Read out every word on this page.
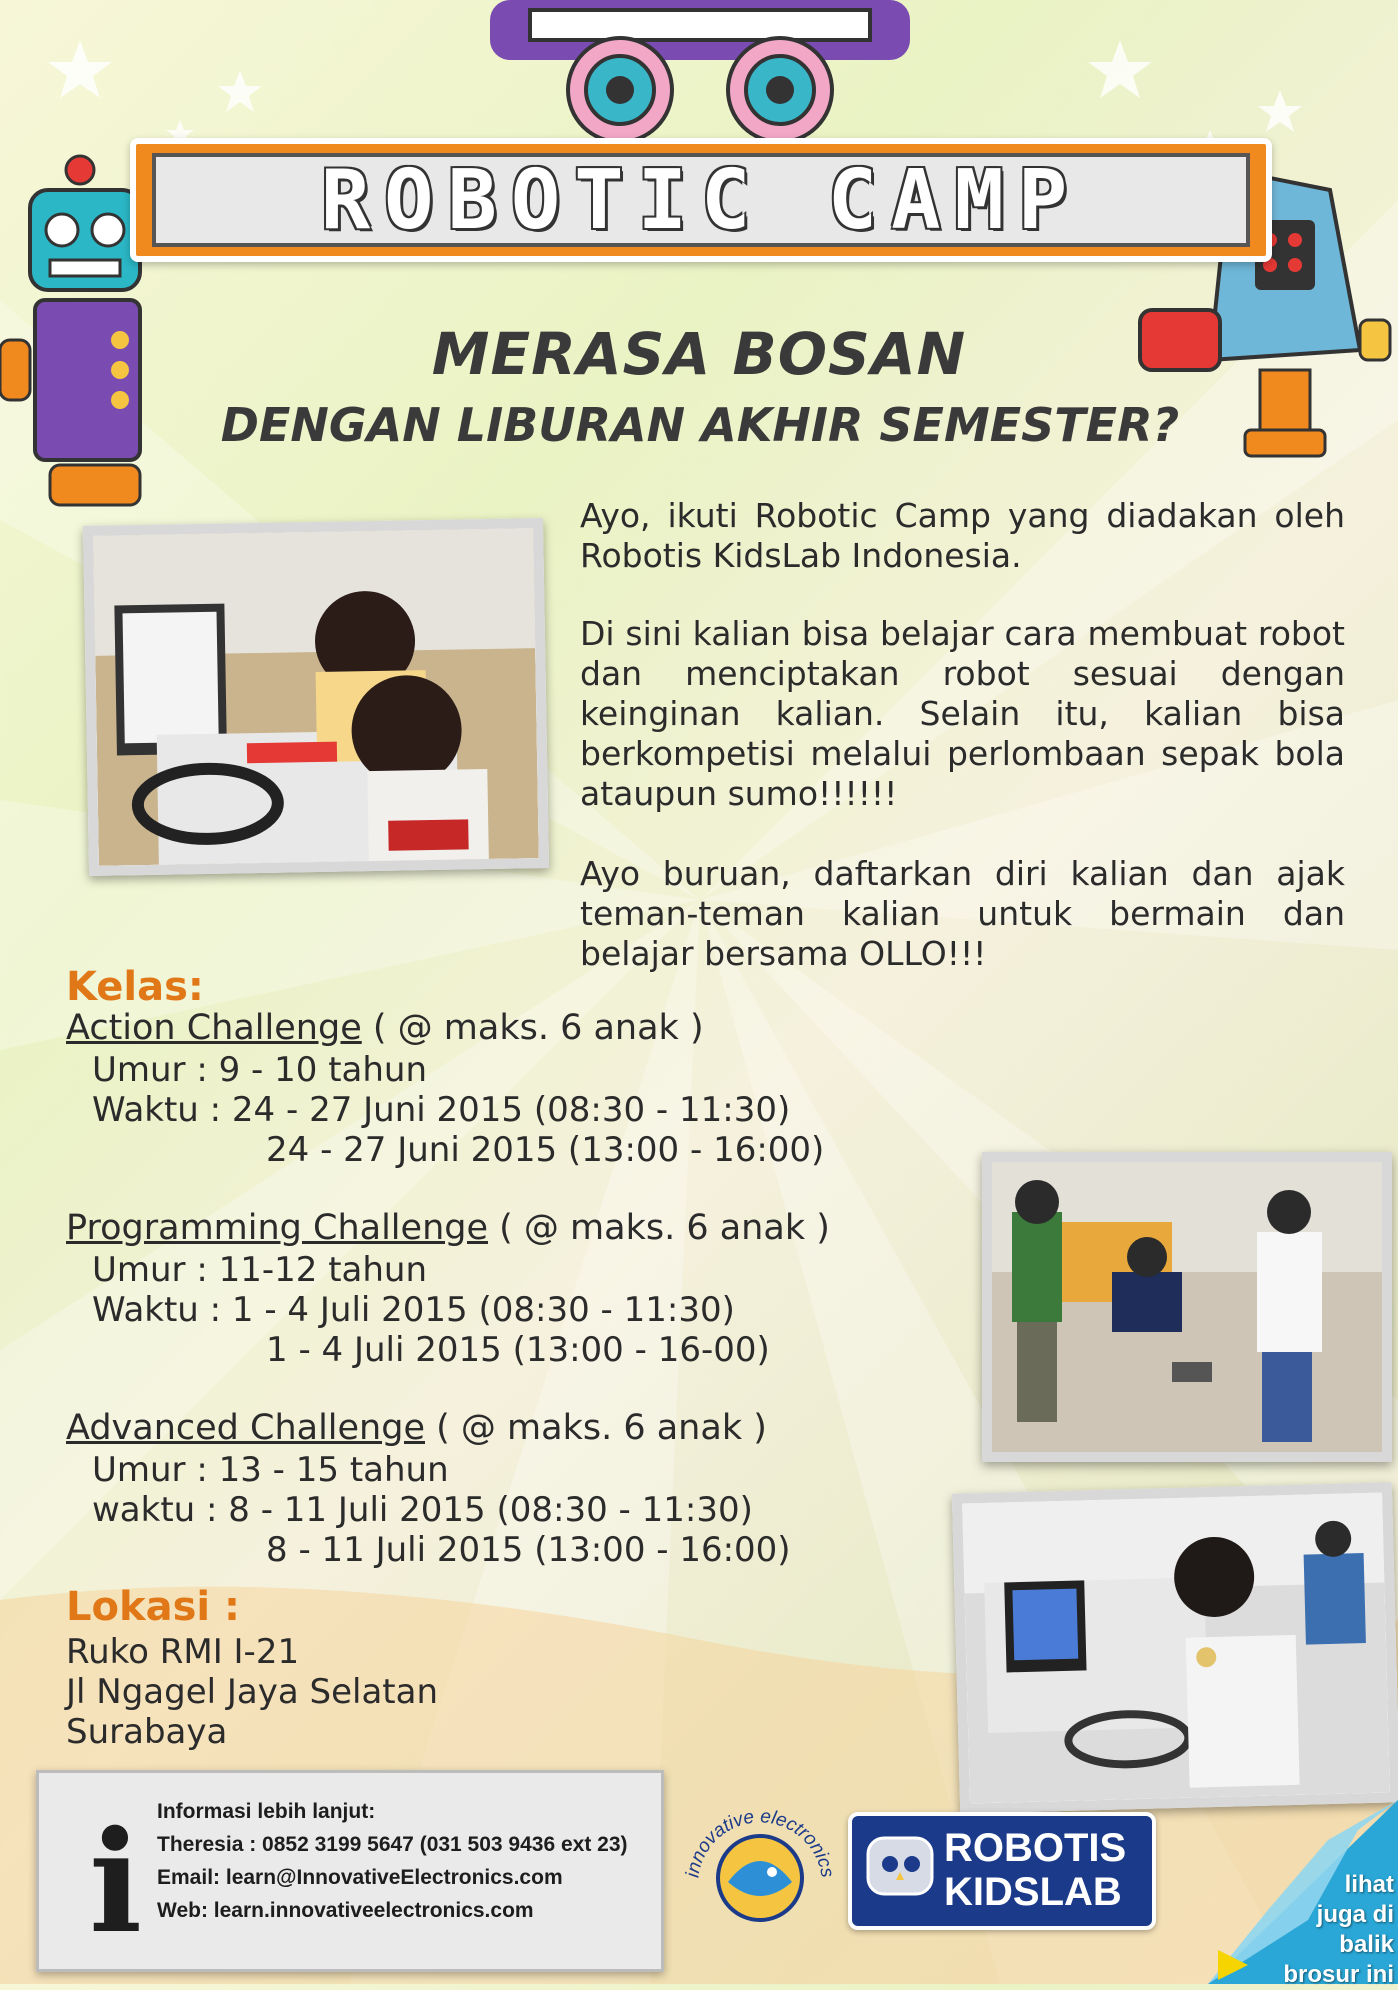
ROBOTIC CAMP
MERASA BOSAN
DENGAN LIBURAN AKHIR SEMESTER?
Ayo, ikuti Robotic Camp yang diadakan oleh Robotis KidsLab Indonesia.
Di sini kalian bisa belajar cara membuat robot dan menciptakan robot sesuai dengan keinginan kalian. Selain itu, kalian bisa berkompetisi melalui perlombaan sepak bola ataupun sumo!!!!!!
Ayo buruan, daftarkan diri kalian dan ajak teman-teman kalian untuk bermain dan belajar bersama OLLO!!!
Kelas:
Action Challenge ( @ maks. 6 anak )
Umur : 9 - 10 tahun
Waktu : 24 - 27 Juni 2015 (08:30 - 11:30)
24 - 27 Juni 2015 (13:00 - 16:00)
Programming Challenge ( @ maks. 6 anak )
Umur : 11-12 tahun
Waktu : 1 - 4 Juli 2015 (08:30 - 11:30)
1 - 4 Juli 2015 (13:00 - 16-00)
Advanced Challenge ( @ maks. 6 anak )
Umur : 13 - 15 tahun
waktu : 8 - 11 Juli 2015 (08:30 - 11:30)
8 - 11 Juli 2015 (13:00 - 16:00)
Lokasi :
Ruko RMI I-21
Jl Ngagel Jaya Selatan
Surabaya
i Informasi lebih lanjut:
Theresia : 0852 3199 5647 (031 503 9436 ext 23)
Email: learn@InnovativeElectronics.com
Web: learn.innovativeelectronics.com
innovative electronics
ROBOTIS
KIDSLAB	lihat
juga di balik
brosur ini
